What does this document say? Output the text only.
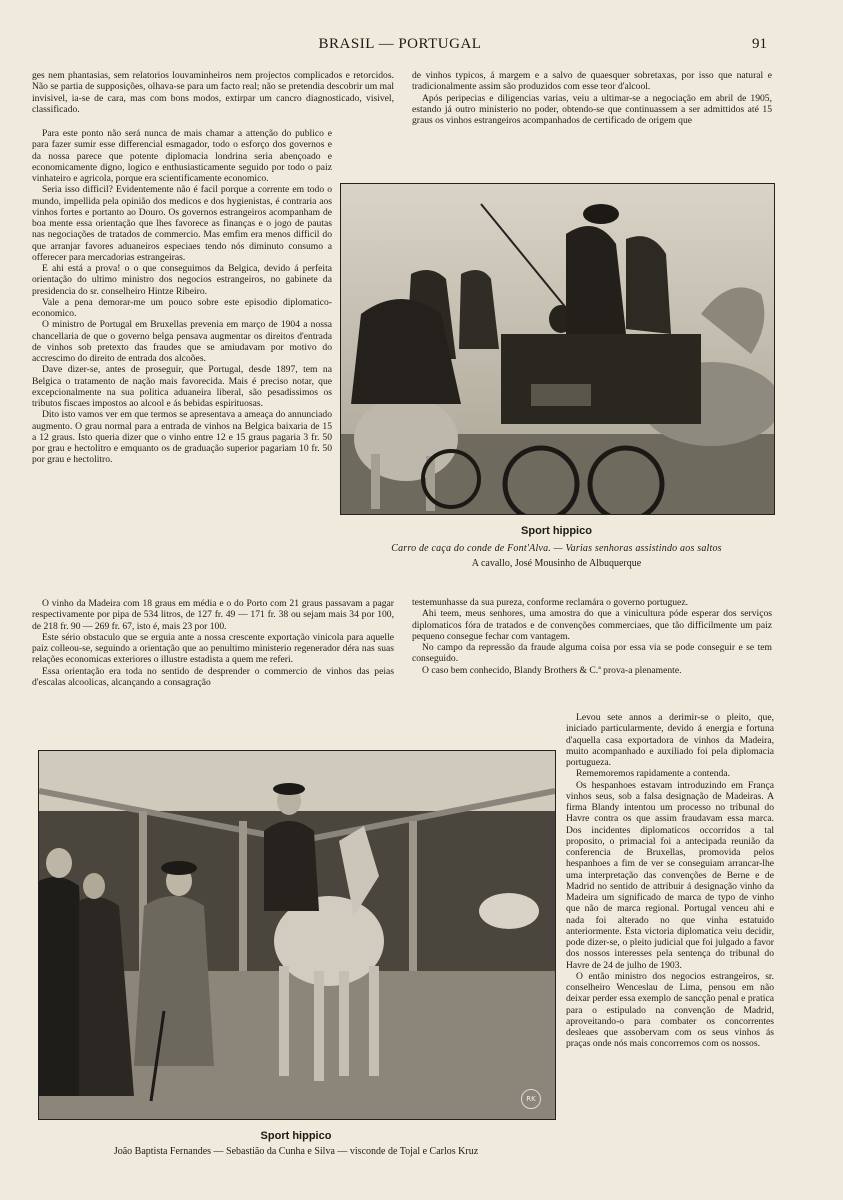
BRASIL — PORTUGAL	91

ges nem phantasias, sem relatorios louvaminheiros nem projectos complicados e retorcidos. Não se partia de supposições, olhava-se para um facto real; não se pretendia descobrir um mal invisivel, ia-se de cara, mas com bons modos, extirpar um cancro diagnosticado, visivel, classificado.

Para este ponto não será nunca de mais chamar a attenção do publico e para fazer sumir esse differencial esmagador, todo o esforço dos governos e da nossa parece que potente diplomacia londrina seria abençoado e economicamente digno, logico e enthusiasticamente seguido por todo o paiz vinhateiro e agricola, porque era scientificamente economico.

Seria isso difficil? Evidentemente não é facil porque a corrente em todo o mundo, impellida pela opinião dos medicos e dos hygienistas, é contraria aos vinhos fortes e portanto ao Douro. Os governos estrangeiros acompanham de boa mente essa orientação que lhes favorece as finanças e o jogo de pautas nas negociações de tratados de commercio. Mas emfim era menos difficil do que arranjar favores aduaneiros especiaes tendo nós diminuto consumo a offerecer para mercadorias estrangeiras.

E ahi está a prova! o o que conseguimos da Belgica, devido á perfeita orientação do ultimo ministro dos negocios estrangeiros, no gabinete da presidencia do sr. conselheiro Hintze Ribeiro.

Vale a pena demorar-me um pouco sobre este episodio diplomatico-economico.

O ministro de Portugal em Bruxellas prevenia em março de 1904 a nossa chancellaria de que o governo belga pensava augmentar os direitos d'entrada de vinhos sob pretexto das fraudes que se amiudavam por motivo do accrescimo do direito de entrada dos alcoões.

Dave dizer-se, antes de proseguir, que Portugal, desde 1897, tem na Belgica o tratamento de nação mais favorecida. Mais é preciso notar, que excepcionalmente na sua politica aduaneira liberal, são pesadissimos os tributos fiscaes impostos ao alcool e ás bebidas espirituosas.

Dito isto vamos ver em que termos se apresentava a ameaça do annunciado augmento. O grau normal para a entrada de vinhos na Belgica baixaria de 15 a 12 graus. Isto queria dizer que o vinho entre 12 e 15 graus pagaria 3 fr. 50 por grau e hectolitro e emquanto os de graduação superior pagariam 10 fr. 50 por grau e hectolitro.

O vinho da Madeira com 18 graus em média e o do Porto com 21 graus passavam a pagar respectivamente por pipa de 534 litros, de 127 fr. 49 — 171 fr. 38 ou sejam mais 34 por 100, de 218 fr. 90 — 269 fr. 67, isto é, mais 23 por 100.

Este sério obstaculo que se erguia ante a nossa crescente exportação vinicola para aquelle paiz colleou-se, seguindo a orientação que ao penultimo ministerio regenerador déra nas suas relações economicas exteriores o illustre estadista a quem me referi.

Essa orientação era toda no sentido de desprender o commercio de vinhos das peias d'escalas alcoolicas, alcançando a consagração

de vinhos typicos, á margem e a salvo de quaesquer sobretaxas, por isso que natural e tradicionalmente assim são produzidos com esse teor d'alcool.

Após peripecias e diligencias varias, veiu a ultimar-se a negociação em abril de 1905, estando já outro ministerio no poder, obtendo-se que continuassem a ser admittidos até 15 graus os vinhos estrangeiros acompanhados de certificado de origem que

Sport hippico
Carro de caça do conde de Font'Alva. — Varias senhoras assistindo aos saltos
A cavallo, José Mousinho de Albuquerque

testemunhasse da sua pureza, conforme reclamára o governo portuguez.

Ahi teem, meus senhores, uma amostra do que a vinicultura póde esperar dos serviços diplomaticos fóra de tratados e de convenções commerciaes, que tão difficilmente um paiz pequeno consegue fechar com vantagem.

No campo da repressão da fraude alguma coisa por essa via se pode conseguir e se tem conseguido.

O caso bem conhecido, Blandy Brothers & C.ª prova-a plenamente.

Levou sete annos a derimir-se o pleito, que, iniciado particularmente, devido á energia e fortuna d'aquella casa exportadora de vinhos da Madeira, muito acompanhado e auxiliado foi pela diplomacia portugueza.

Rememoremos rapidamente a contenda.

Os hespanhoes estavam introduzindo em França vinhos seus, sob a falsa designação de Madeiras. A firma Blandy intentou um processo no tribunal do Havre contra os que assim fraudavam essa marca. Dos incidentes diplomaticos occorridos a tal proposito, o primacial foi a antecipada reunião da conferencia de Bruxellas, promovida pelos hespanhoes a fim de ver se conseguiam arrancar-lhe uma interpretação das convenções de Berne e de Madrid no sentido de attribuir á designação vinho da Madeira um significado de marca de typo de vinho que não de marca regional. Portugal venceu ahi e nada foi alterado no que vinha estatuido anteriormente. Esta victoria diplomatica veiu decidir, pode dizer-se, o pleito judicial que foi julgado a favor dos nossos interesses pela sentença do tribunal do Havre de 24 de julho de 1903.

O então ministro dos negocios estrangeiros, sr. conselheiro Wenceslau de Lima, pensou em não deixar perder essa exemplo de sancção penal e pratica para o estipulado na convenção de Madrid, aproveitando-o para combater os concorrentes desleaes que assobervam com os seus vinhos ás praças onde nós mais concorremos com os nossos.

RK
Sport hippico
João Baptista Fernandes — Sebastião da Cunha e Silva — visconde de Tojal e Carlos Kruz
